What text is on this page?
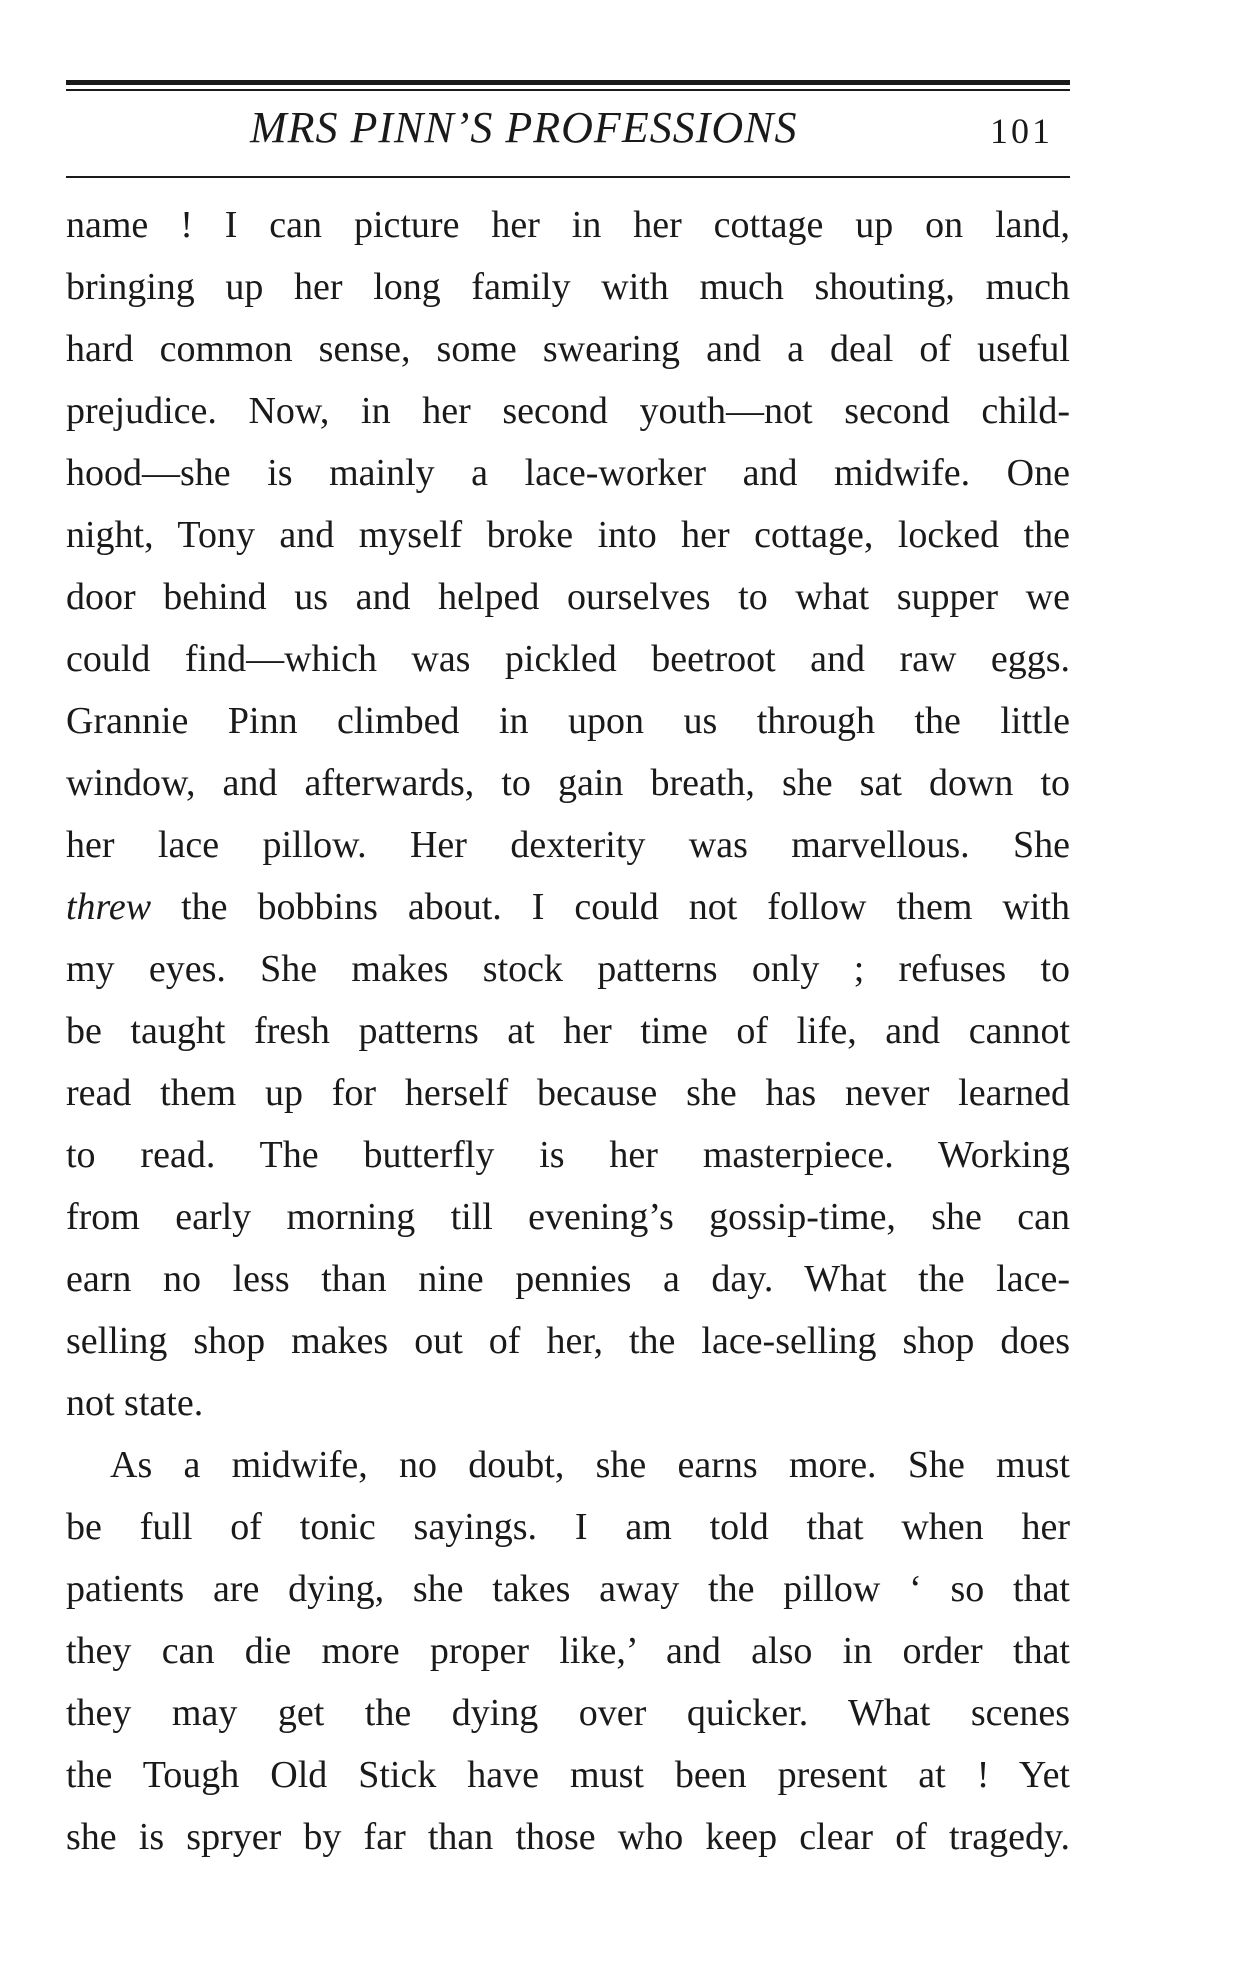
MRS PINN’S PROFESSIONS	101
name ! I can picture her in her cottage up on land,
bringing up her long family with much shouting, much
hard common sense, some swearing and a deal of useful
prejudice. Now, in her second youth—not second child-
hood—she is mainly a lace-worker and midwife. One
night, Tony and myself broke into her cottage, locked the
door behind us and helped ourselves to what supper we
could find—which was pickled beetroot and raw eggs.
Grannie Pinn climbed in upon us through the little
window, and afterwards, to gain breath, she sat down to
her lace pillow. Her dexterity was marvellous. She
threw the bobbins about. I could not follow them with
my eyes. She makes stock patterns only ; refuses to
be taught fresh patterns at her time of life, and cannot
read them up for herself because she has never learned
to read. The butterfly is her masterpiece. Working
from early morning till evening’s gossip-time, she can
earn no less than nine pennies a day. What the lace-
selling shop makes out of her, the lace-selling shop does
not state.
As a midwife, no doubt, she earns more. She must
be full of tonic sayings. I am told that when her
patients are dying, she takes away the pillow ‘ so that
they can die more proper like,’ and also in order that
they may get the dying over quicker. What scenes
the Tough Old Stick have must been present at ! Yet
she is spryer by far than those who keep clear of tragedy.
